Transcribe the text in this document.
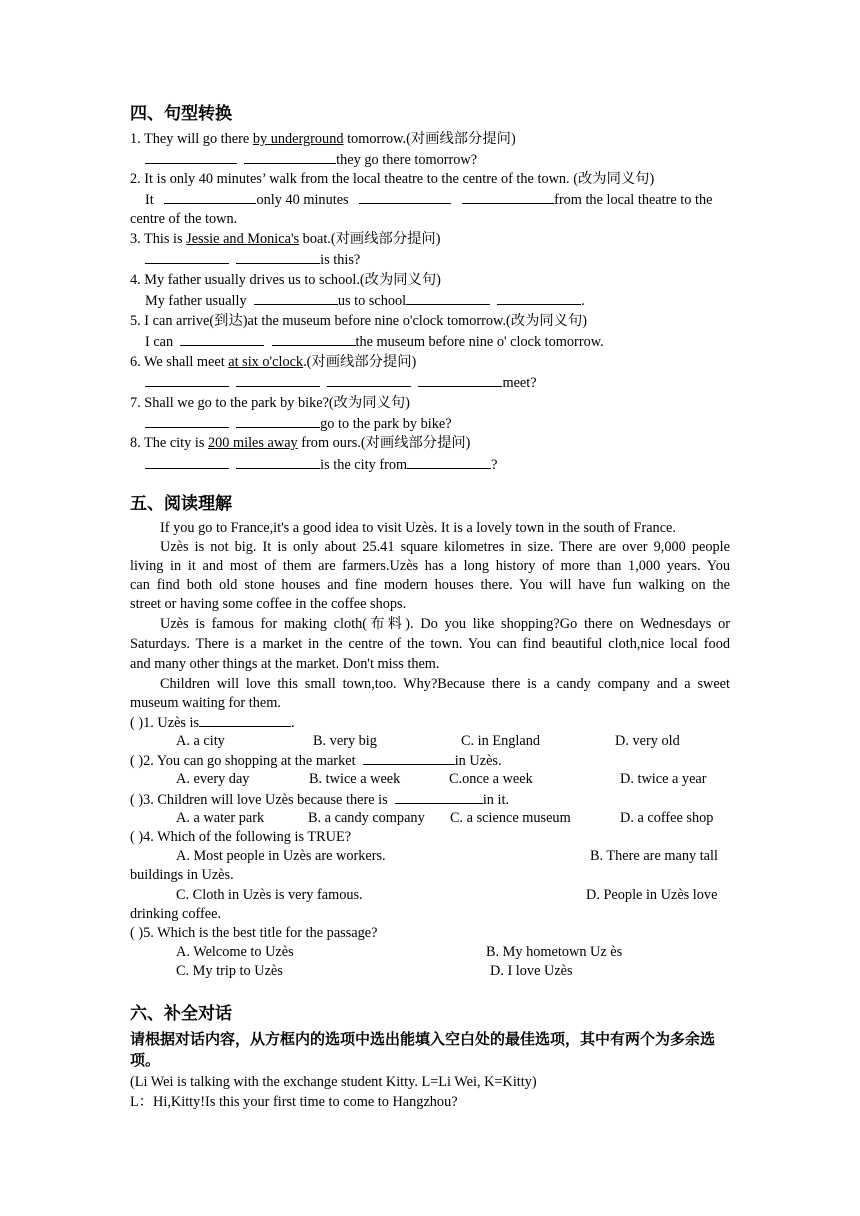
四、句型转换
1. They will go there by underground tomorrow.(对画线部分提问)
they go there tomorrow?
2. It is only 40 minutes’ walk from the local theatre to the centre of the town. (改为同义句)
It	only 40 minutes	from the local theatre to the
centre of the town.
3. This is Jessie and Monica's boat.(对画线部分提问)
is this?
4. My father usually drives us to school.(改为同义句)
My father usually	us to school	.
5. I can arrive(到达)at the museum before nine o'clock tomorrow.(改为同义句)
I can	the museum before nine o' clock tomorrow.
6. We shall meet at six o'clock.(对画线部分提问)
meet?
7. Shall we go to the park by bike?(改为同义句)
go to the park by bike?
8. The city is 200 miles away from ours.(对画线部分提问)
is the city from	?
五、阅读理解
If you go to France,it's a good idea to visit Uzès. It is a lovely town in the south of France.
Uzès is not big. It is only about 25.41 square kilometres in size. There are over 9,000 people
living in it and most of them are farmers.Uzès has a long history of more than 1,000 years. You
can find both old stone houses and fine modern houses there. You will have fun walking on the
street or having some coffee in the coffee shops.
Uzès is famous for making cloth(布料). Do you like shopping?Go there on Wednesdays or
Saturdays. There is a market in the centre of the town. You can find beautiful cloth,nice local food
and many other things at the market. Don't miss them.
Children will love this small town,too. Why?Because there is a candy company and a sweet
museum waiting for them.
( )1. Uzès is	.
A. a city	B. very big	C. in England	D. very old
( )2. You can go shopping at the market	in Uzès.
A. every day	B. twice a week	C.once a week	D. twice a year
( )3. Children will love Uzès because there is	in it.
A. a water park	B. a candy company C. a science museum	D. a coffee shop
( )4. Which of the following is TRUE?
A. Most people in Uzès are workers.	B. There are many tall
buildings in Uzès.
C. Cloth in Uzès is very famous.	D. People in Uzès love
drinking coffee.
( )5. Which is the best title for the passage?
A. Welcome to Uzès	B. My hometown Uz ès
C. My trip to Uzès	D. I love Uzès
六、补全对话
请根据对话内容，从方框内的选项中选出能填入空白处的最佳选项，其中有两个为多余选
项。
(Li Wei is talking with the exchange student Kitty. L=Li Wei, K=Kitty)
L：Hi,Kitty!Is this your first time to come to Hangzhou?
